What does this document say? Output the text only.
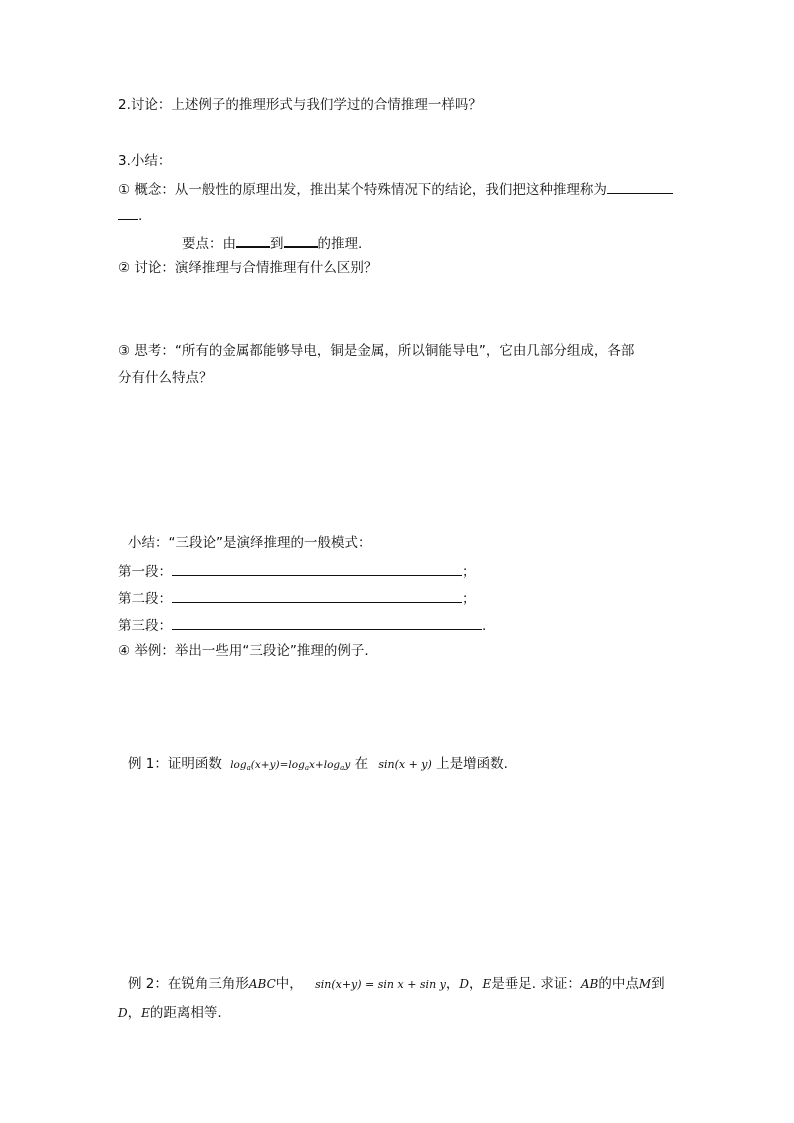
2.讨论：上述例子的推理形式与我们学过的合情推理一样吗？
3.小结：
① 概念：从一般性的原理出发，推出某个特殊情况下的结论，我们把这种推理称为
.
要点：由	到	的推理.
② 讨论：演绎推理与合情推理有什么区别？
③ 思考：“所有的金属都能够导电，铜是金属，所以铜能导电”，它由几部分组成，各部
分有什么特点？
小结：“三段论”是演绎推理的一般模式：
第一段：	；
第二段：	；
第三段：	.
④ 举例：举出一些用“三段论”推理的例子.
例 1：证明函数 $\log_a(x+y)=\log_ax+\log_ay$ 在 sin(x + y) 上是增函数.
例 2：在锐角三角形ABC中， sin(x+y) = sin x + sin y，D，E是垂足. 求证：AB的中点M到
D，E的距离相等.
